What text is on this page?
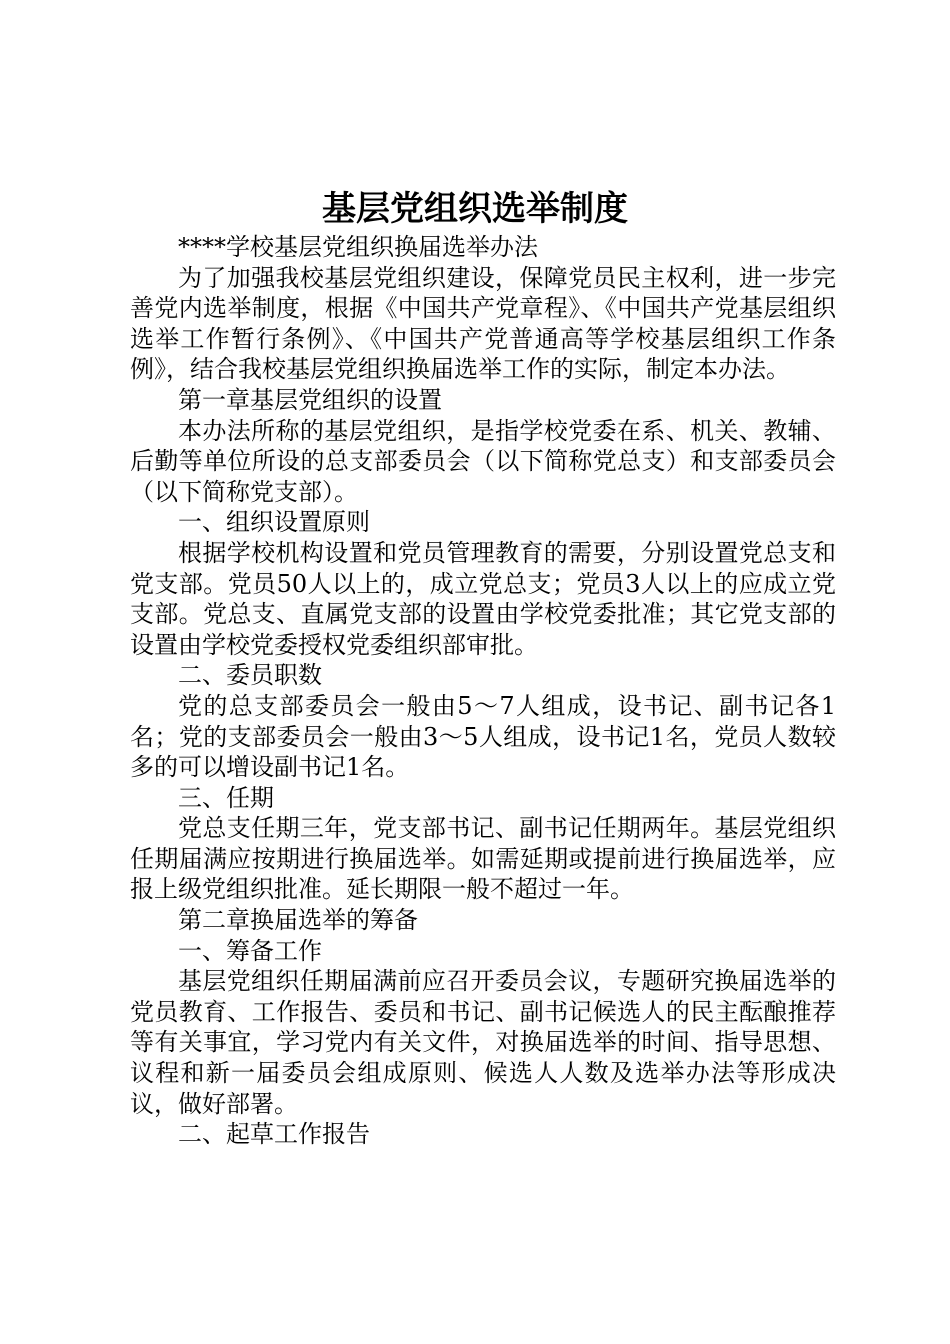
基层党组织选举制度

****学校基层党组织换届选举办法

为了加强我校基层党组织建设，保障党员民主权利，进一步完善党内选举制度，根据《中国共产党章程》、《中国共产党基层组织选举工作暂行条例》、《中国共产党普通高等学校基层组织工作条例》，结合我校基层党组织换届选举工作的实际，制定本办法。

第一章基层党组织的设置

本办法所称的基层党组织，是指学校党委在系、机关、教辅、后勤等单位所设的总支部委员会（以下简称党总支）和支部委员会（以下简称党支部）。

一、组织设置原则

根据学校机构设置和党员管理教育的需要，分别设置党总支和党支部。党员50人以上的，成立党总支；党员3人以上的应成立党支部。党总支、直属党支部的设置由学校党委批准；其它党支部的设置由学校党委授权党委组织部审批。

二、委员职数

党的总支部委员会一般由5～7人组成，设书记、副书记各1名；党的支部委员会一般由3～5人组成，设书记1名，党员人数较多的可以增设副书记1名。

三、任期

党总支任期三年，党支部书记、副书记任期两年。基层党组织任期届满应按期进行换届选举。如需延期或提前进行换届选举，应报上级党组织批准。延长期限一般不超过一年。

第二章换届选举的筹备

一、筹备工作

基层党组织任期届满前应召开委员会议，专题研究换届选举的党员教育、工作报告、委员和书记、副书记候选人的民主酝酿推荐等有关事宜，学习党内有关文件，对换届选举的时间、指导思想、议程和新一届委员会组成原则、候选人人数及选举办法等形成决议，做好部署。

二、起草工作报告
